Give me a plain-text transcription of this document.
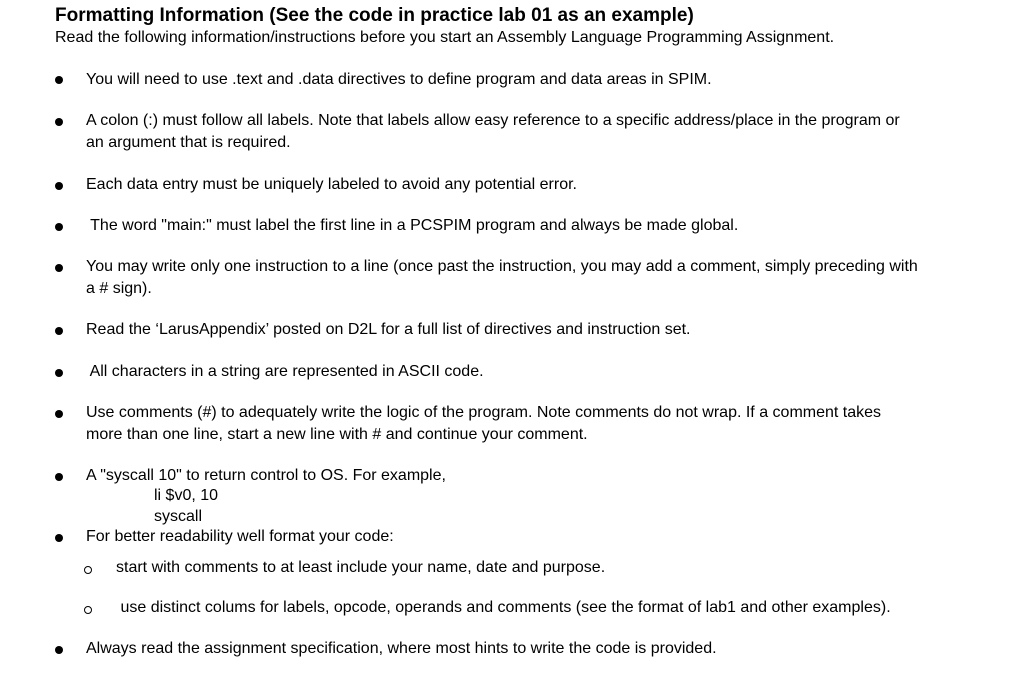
Formatting Information (See the code in practice lab 01 as an example)

Read the following information/instructions before you start an Assembly Language Programming Assignment.

You will need to use .text and .data directives to define program and data areas in SPIM.
A colon (:) must follow all labels. Note that labels allow easy reference to a specific address/place in the program or
an argument that is required.
Each data entry must be uniquely labeled to avoid any potential error.
The word "main:" must label the first line in a PCSPIM program and always be made global.
You may write only one instruction to a line (once past the instruction, you may add a comment, simply preceding with
a # sign).
Read the ‘LarusAppendix’ posted on D2L for a full list of directives and instruction set.
All characters in a string are represented in ASCII code.
Use comments (#) to adequately write the logic of the program. Note comments do not wrap. If a comment takes
more than one line, start a new line with # and continue your comment.
A "syscall 10" to return control to OS. For example,
li $v0, 10
syscall
For better readability well format your code:
start with comments to at least include your name, date and purpose.
use distinct colums for labels, opcode, operands and comments (see the format of lab1 and other examples).
Always read the assignment specification, where most hints to write the code is provided.
